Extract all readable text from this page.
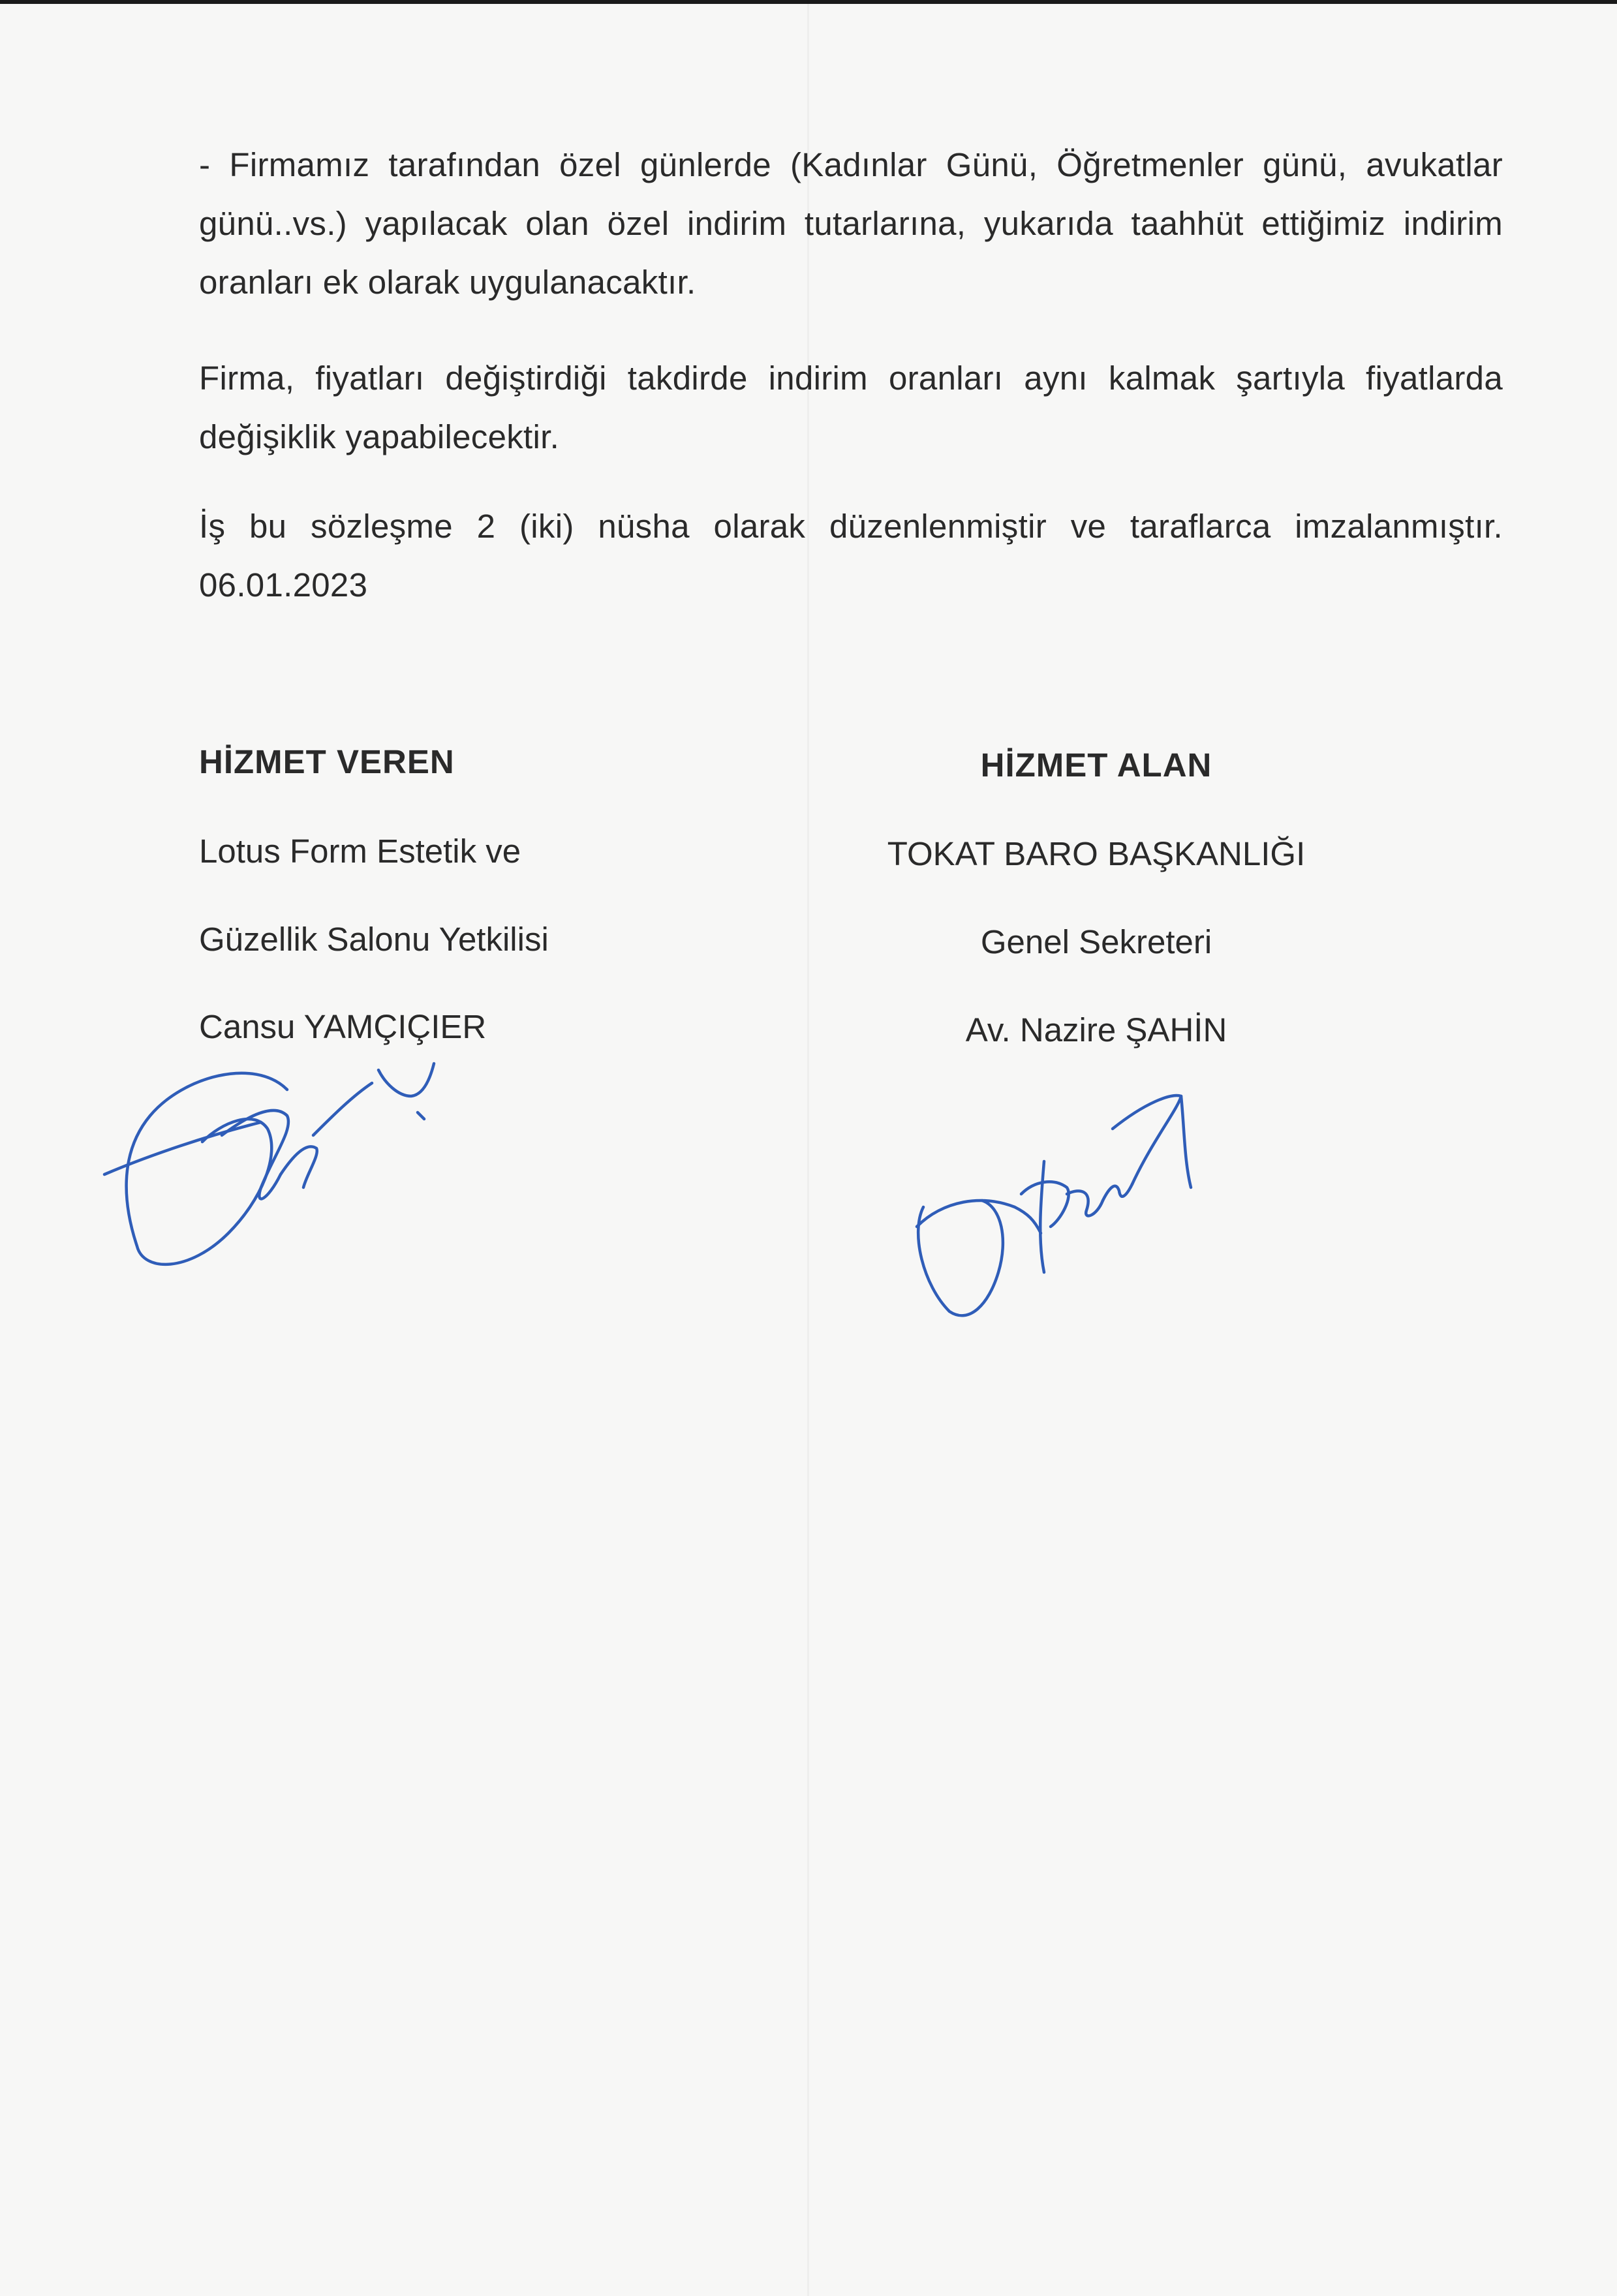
- Firmamız tarafından özel günlerde (Kadınlar Günü, Öğretmenler günü, avukatlar günü..vs.) yapılacak olan özel indirim tutarlarına, yukarıda taahhüt ettiğimiz indirim oranları ek olarak uygulanacaktır.

Firma, fiyatları değiştirdiği takdirde indirim oranları aynı kalmak şartıyla fiyatlarda değişiklik yapabilecektir.

İş bu sözleşme 2 (iki) nüsha olarak düzenlenmiştir ve taraflarca imzalanmıştır. 06.01.2023

HİZMET VEREN

Lotus Form Estetik ve

Güzellik Salonu Yetkilisi

Cansu YAMÇIÇIER

HİZMET ALAN

TOKAT BARO BAŞKANLIĞI

Genel Sekreteri

Av. Nazire ŞAHİN
